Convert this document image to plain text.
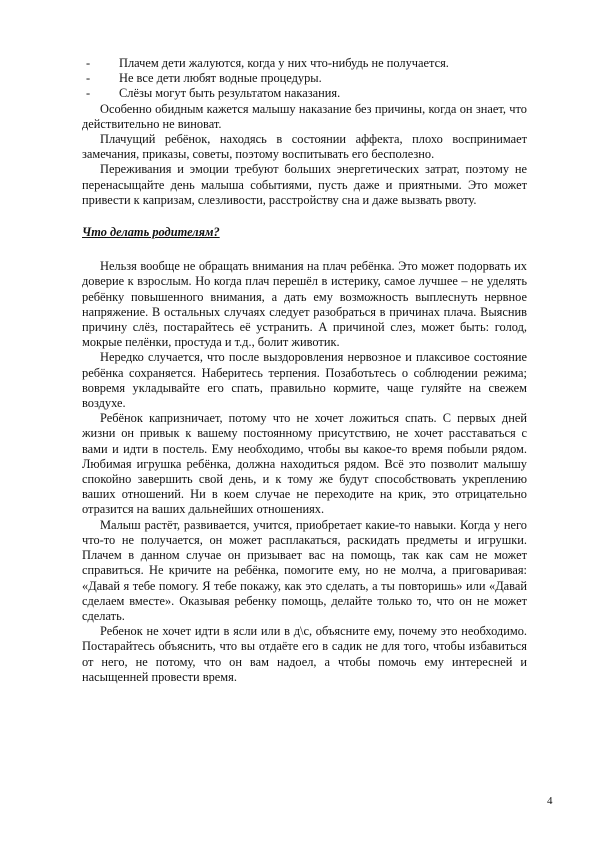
-	Плачем дети жалуются, когда у них что-нибудь не получается.
-	Не все дети любят водные процедуры.
-	Слёзы могут быть результатом наказания.

Особенно обидным кажется малышу наказание без причины, когда он знает, что действительно не виноват.

Плачущий ребёнок, находясь в состоянии аффекта, плохо воспринимает замечания, приказы, советы, поэтому воспитывать его бесполезно.

Переживания и эмоции требуют больших энергетических затрат, поэтому не перенасыщайте день малыша событиями, пусть даже и приятными. Это может привести к капризам, слезливости, расстройству сна и даже вызвать рвоту.

Что делать родителям?

Нельзя вообще не обращать внимания на плач ребёнка. Это может подорвать их доверие к взрослым. Но когда плач перешёл в истерику, самое лучшее – не уделять ребёнку повышенного внимания, а дать ему возможность выплеснуть нервное напряжение. В остальных случаях следует разобраться в причинах плача. Выяснив причину слёз, постарайтесь её устранить. А причиной слез, может быть: голод, мокрые пелёнки, простуда и т.д., болит животик.

Нередко случается, что после выздоровления нервозное и плаксивое состояние ребёнка сохраняется. Наберитесь терпения. Позаботьтесь о соблюдении режима; вовремя укладывайте его спать, правильно кормите, чаще гуляйте на свежем воздухе.

Ребёнок капризничает, потому что не хочет ложиться спать. С первых дней жизни он привык к вашему постоянному присутствию, не хочет расставаться с вами и идти в постель. Ему необходимо, чтобы вы какое-то время побыли рядом. Любимая игрушка ребёнка, должна находиться рядом. Всё это позволит малышу спокойно завершить свой день, и к тому же будут способствовать укреплению ваших отношений. Ни в коем случае не переходите на крик, это отрицательно отразится на ваших дальнейших отношениях.

Малыш растёт, развивается, учится, приобретает какие-то навыки. Когда у него что-то не получается, он может расплакаться, раскидать предметы и игрушки. Плачем в данном случае он призывает вас на помощь, так как сам не может справиться. Не кричите на ребёнка, помогите ему, но не молча, а приговаривая: «Давай я тебе помогу. Я тебе покажу, как это сделать, а ты повторишь» или «Давай сделаем вместе». Оказывая ребенку помощь, делайте только то, что он не может сделать.

Ребенок не хочет идти в ясли или в д\с, объясните ему, почему это необходимо. Постарайтесь объяснить, что вы отдаёте его в садик не для того, чтобы избавиться от него, не потому, что он вам надоел, а чтобы помочь ему интересней и насыщенней провести время.

4
